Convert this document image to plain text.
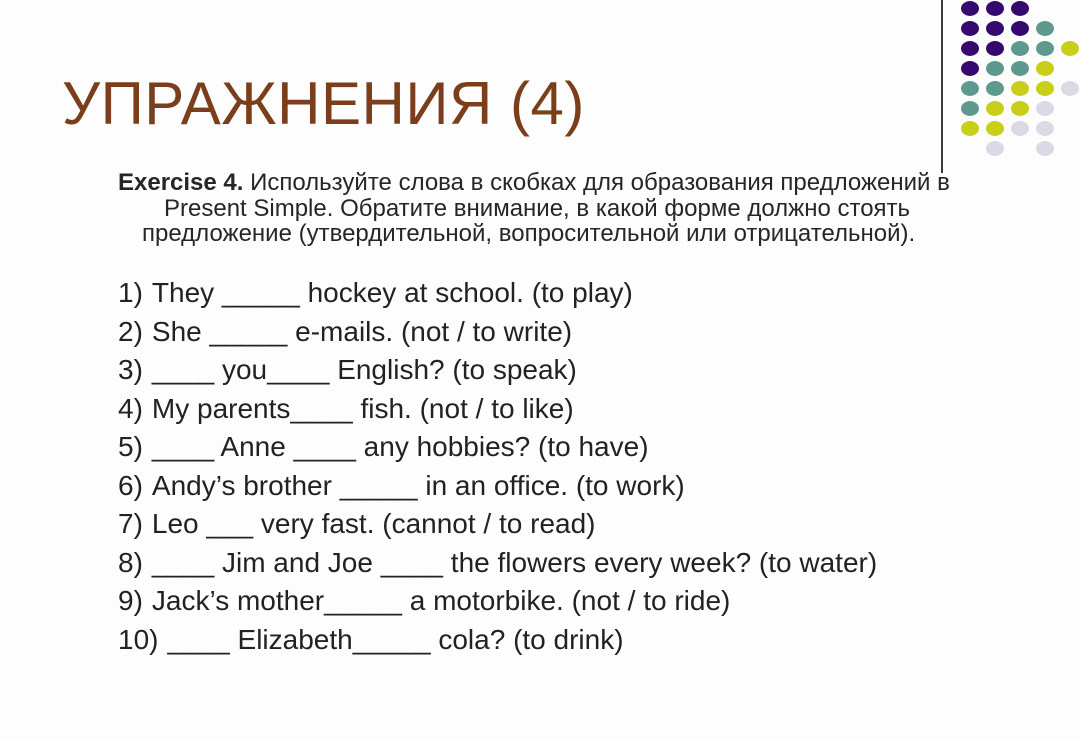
УПРАЖНЕНИЯ (4)
Exercise 4. Используйте слова в скобках для образования предложений в
Present Simple. Обратите внимание, в какой форме должно стоять
предложение (утвердительной, вопросительной или отрицательной).
1) They _____ hockey at school. (to play)
2) She _____ e-mails. (not / to write)
3) ____ you____ English? (to speak)
4) My parents____ fish. (not / to like)
5) ____ Anne ____ any hobbies? (to have)
6) Andy’s brother _____ in an office. (to work)
7) Leo ___ very fast. (cannot / to read)
8) ____ Jim and Joe ____ the flowers every week? (to water)
9) Jack’s mother_____ a motorbike. (not / to ride)
10) ____ Elizabeth_____ cola? (to drink)
